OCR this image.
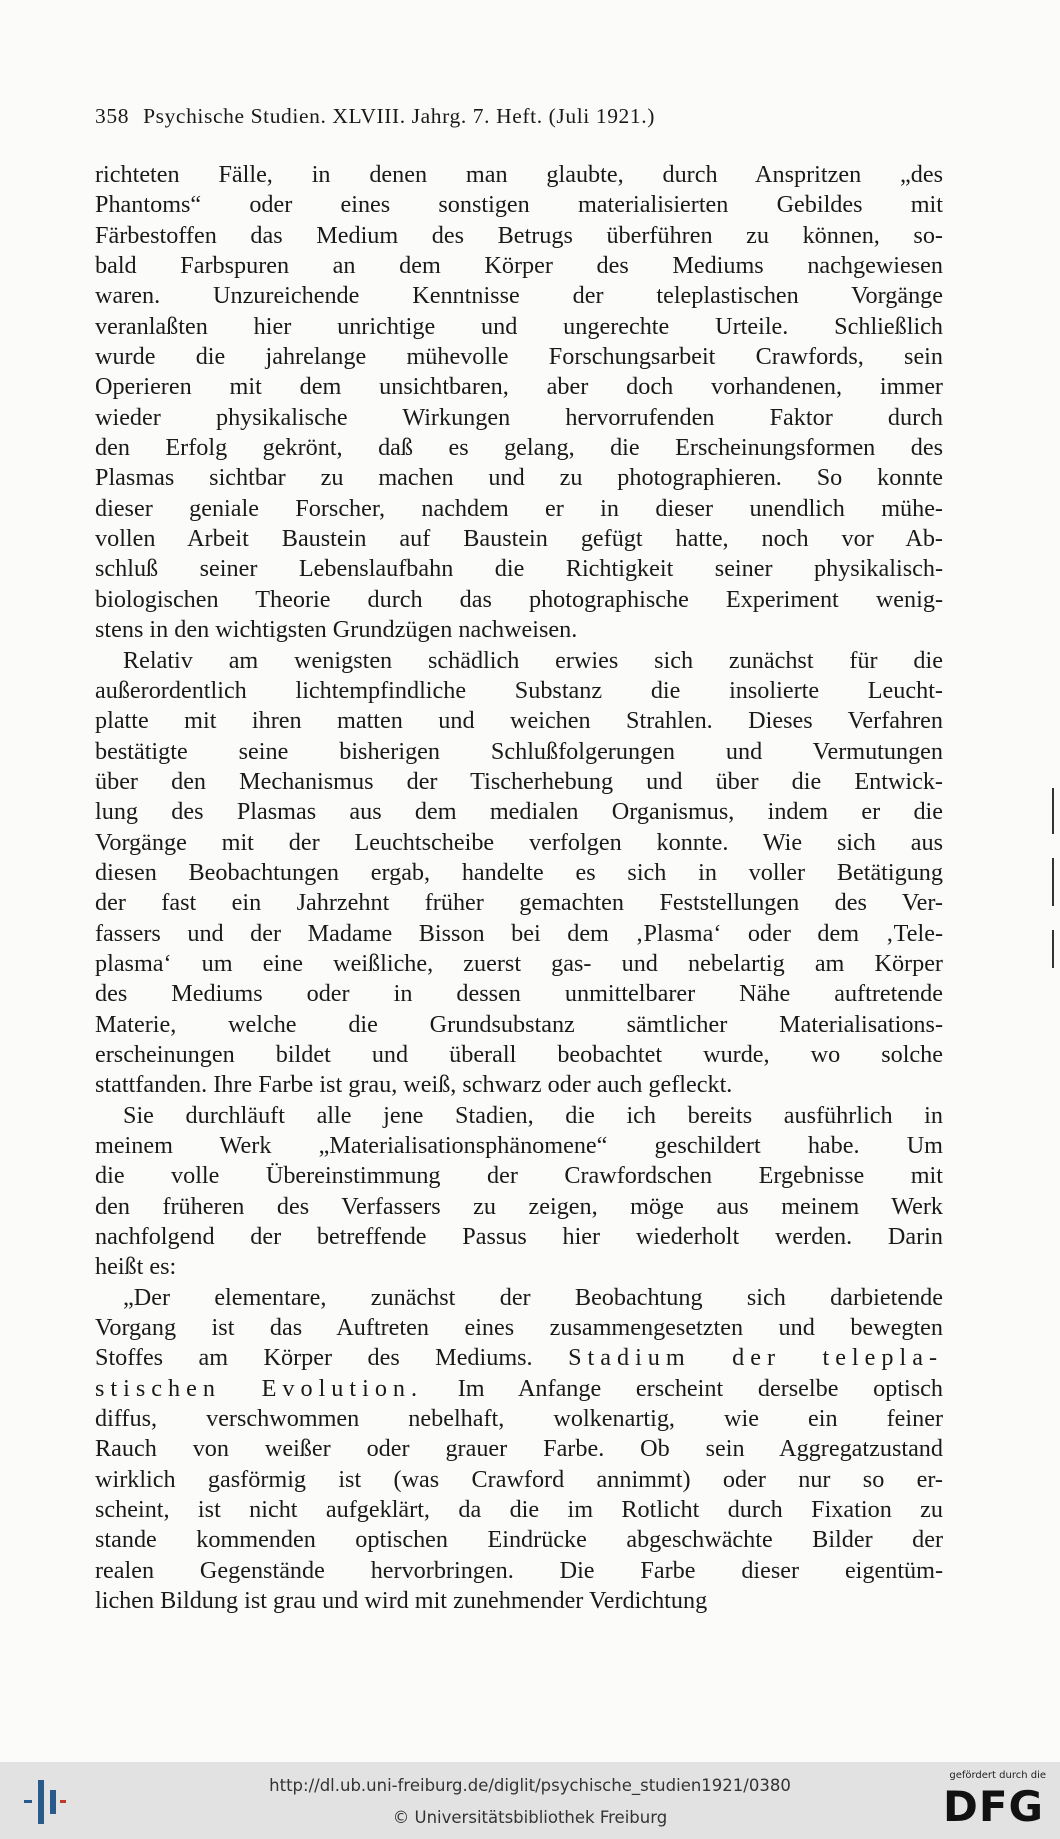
358 Psychische Studien. XLVIII. Jahrg. 7. Heft. (Juli 1921.)

richteten Fälle, in denen man glaubte, durch Anspritzen „des
Phantoms“ oder eines sonstigen materialisierten Gebildes mit
Färbestoffen das Medium des Betrugs überführen zu können, so-
bald Farbspuren an dem Körper des Mediums nachgewiesen
waren. Unzureichende Kenntnisse der teleplastischen Vorgänge
veranlaßten hier unrichtige und ungerechte Urteile. Schließlich
wurde die jahrelange mühevolle Forschungsarbeit Crawfords, sein
Operieren mit dem unsichtbaren, aber doch vorhandenen, immer
wieder physikalische Wirkungen hervorrufenden Faktor durch
den Erfolg gekrönt, daß es gelang, die Erscheinungsformen des
Plasmas sichtbar zu machen und zu photographieren. So konnte
dieser geniale Forscher, nachdem er in dieser unendlich mühe-
vollen Arbeit Baustein auf Baustein gefügt hatte, noch vor Ab-
schluß seiner Lebenslaufbahn die Richtigkeit seiner physikalisch-
biologischen Theorie durch das photographische Experiment wenig-
stens in den wichtigsten Grundzügen nachweisen.

Relativ am wenigsten schädlich erwies sich zunächst für die
außerordentlich lichtempfindliche Substanz die insolierte Leucht-
platte mit ihren matten und weichen Strahlen. Dieses Verfahren
bestätigte seine bisherigen Schlußfolgerungen und Vermutungen
über den Mechanismus der Tischerhebung und über die Entwick-
lung des Plasmas aus dem medialen Organismus, indem er die
Vorgänge mit der Leuchtscheibe verfolgen konnte. Wie sich aus
diesen Beobachtungen ergab, handelte es sich in voller Betätigung
der fast ein Jahrzehnt früher gemachten Feststellungen des Ver-
fassers und der Madame Bisson bei dem ‚Plasma‘ oder dem ‚Tele-
plasma‘ um eine weißliche, zuerst gas- und nebelartig am Körper
des Mediums oder in dessen unmittelbarer Nähe auftretende
Materie, welche die Grundsubstanz sämtlicher Materialisations-
erscheinungen bildet und überall beobachtet wurde, wo solche
stattfanden. Ihre Farbe ist grau, weiß, schwarz oder auch gefleckt.

Sie durchläuft alle jene Stadien, die ich bereits ausführlich in
meinem Werk „Materialisationsphänomene“ geschildert habe. Um
die volle Übereinstimmung der Crawfordschen Ergebnisse mit
den früheren des Verfassers zu zeigen, möge aus meinem Werk
nachfolgend der betreffende Passus hier wiederholt werden. Darin
heißt es:

„Der elementare, zunächst der Beobachtung sich darbietende
Vorgang ist das Auftreten eines zusammengesetzten und bewegten
Stoffes am Körper des Mediums. Stadium der telepla-
stischen Evolution. Im Anfange erscheint derselbe optisch
diffus, verschwommen nebelhaft, wolkenartig, wie ein feiner
Rauch von weißer oder grauer Farbe. Ob sein Aggregatzustand
wirklich gasförmig ist (was Crawford annimmt) oder nur so er-
scheint, ist nicht aufgeklärt, da die im Rotlicht durch Fixation zu
stande kommenden optischen Eindrücke abgeschwächte Bilder der
realen Gegenstände hervorbringen. Die Farbe dieser eigentüm-
lichen Bildung ist grau und wird mit zunehmender Verdichtung

http://dl.ub.uni-freiburg.de/diglit/psychische_studien1921/0380
© Universitätsbibliothek Freiburg
gefördert durch die
DFG
